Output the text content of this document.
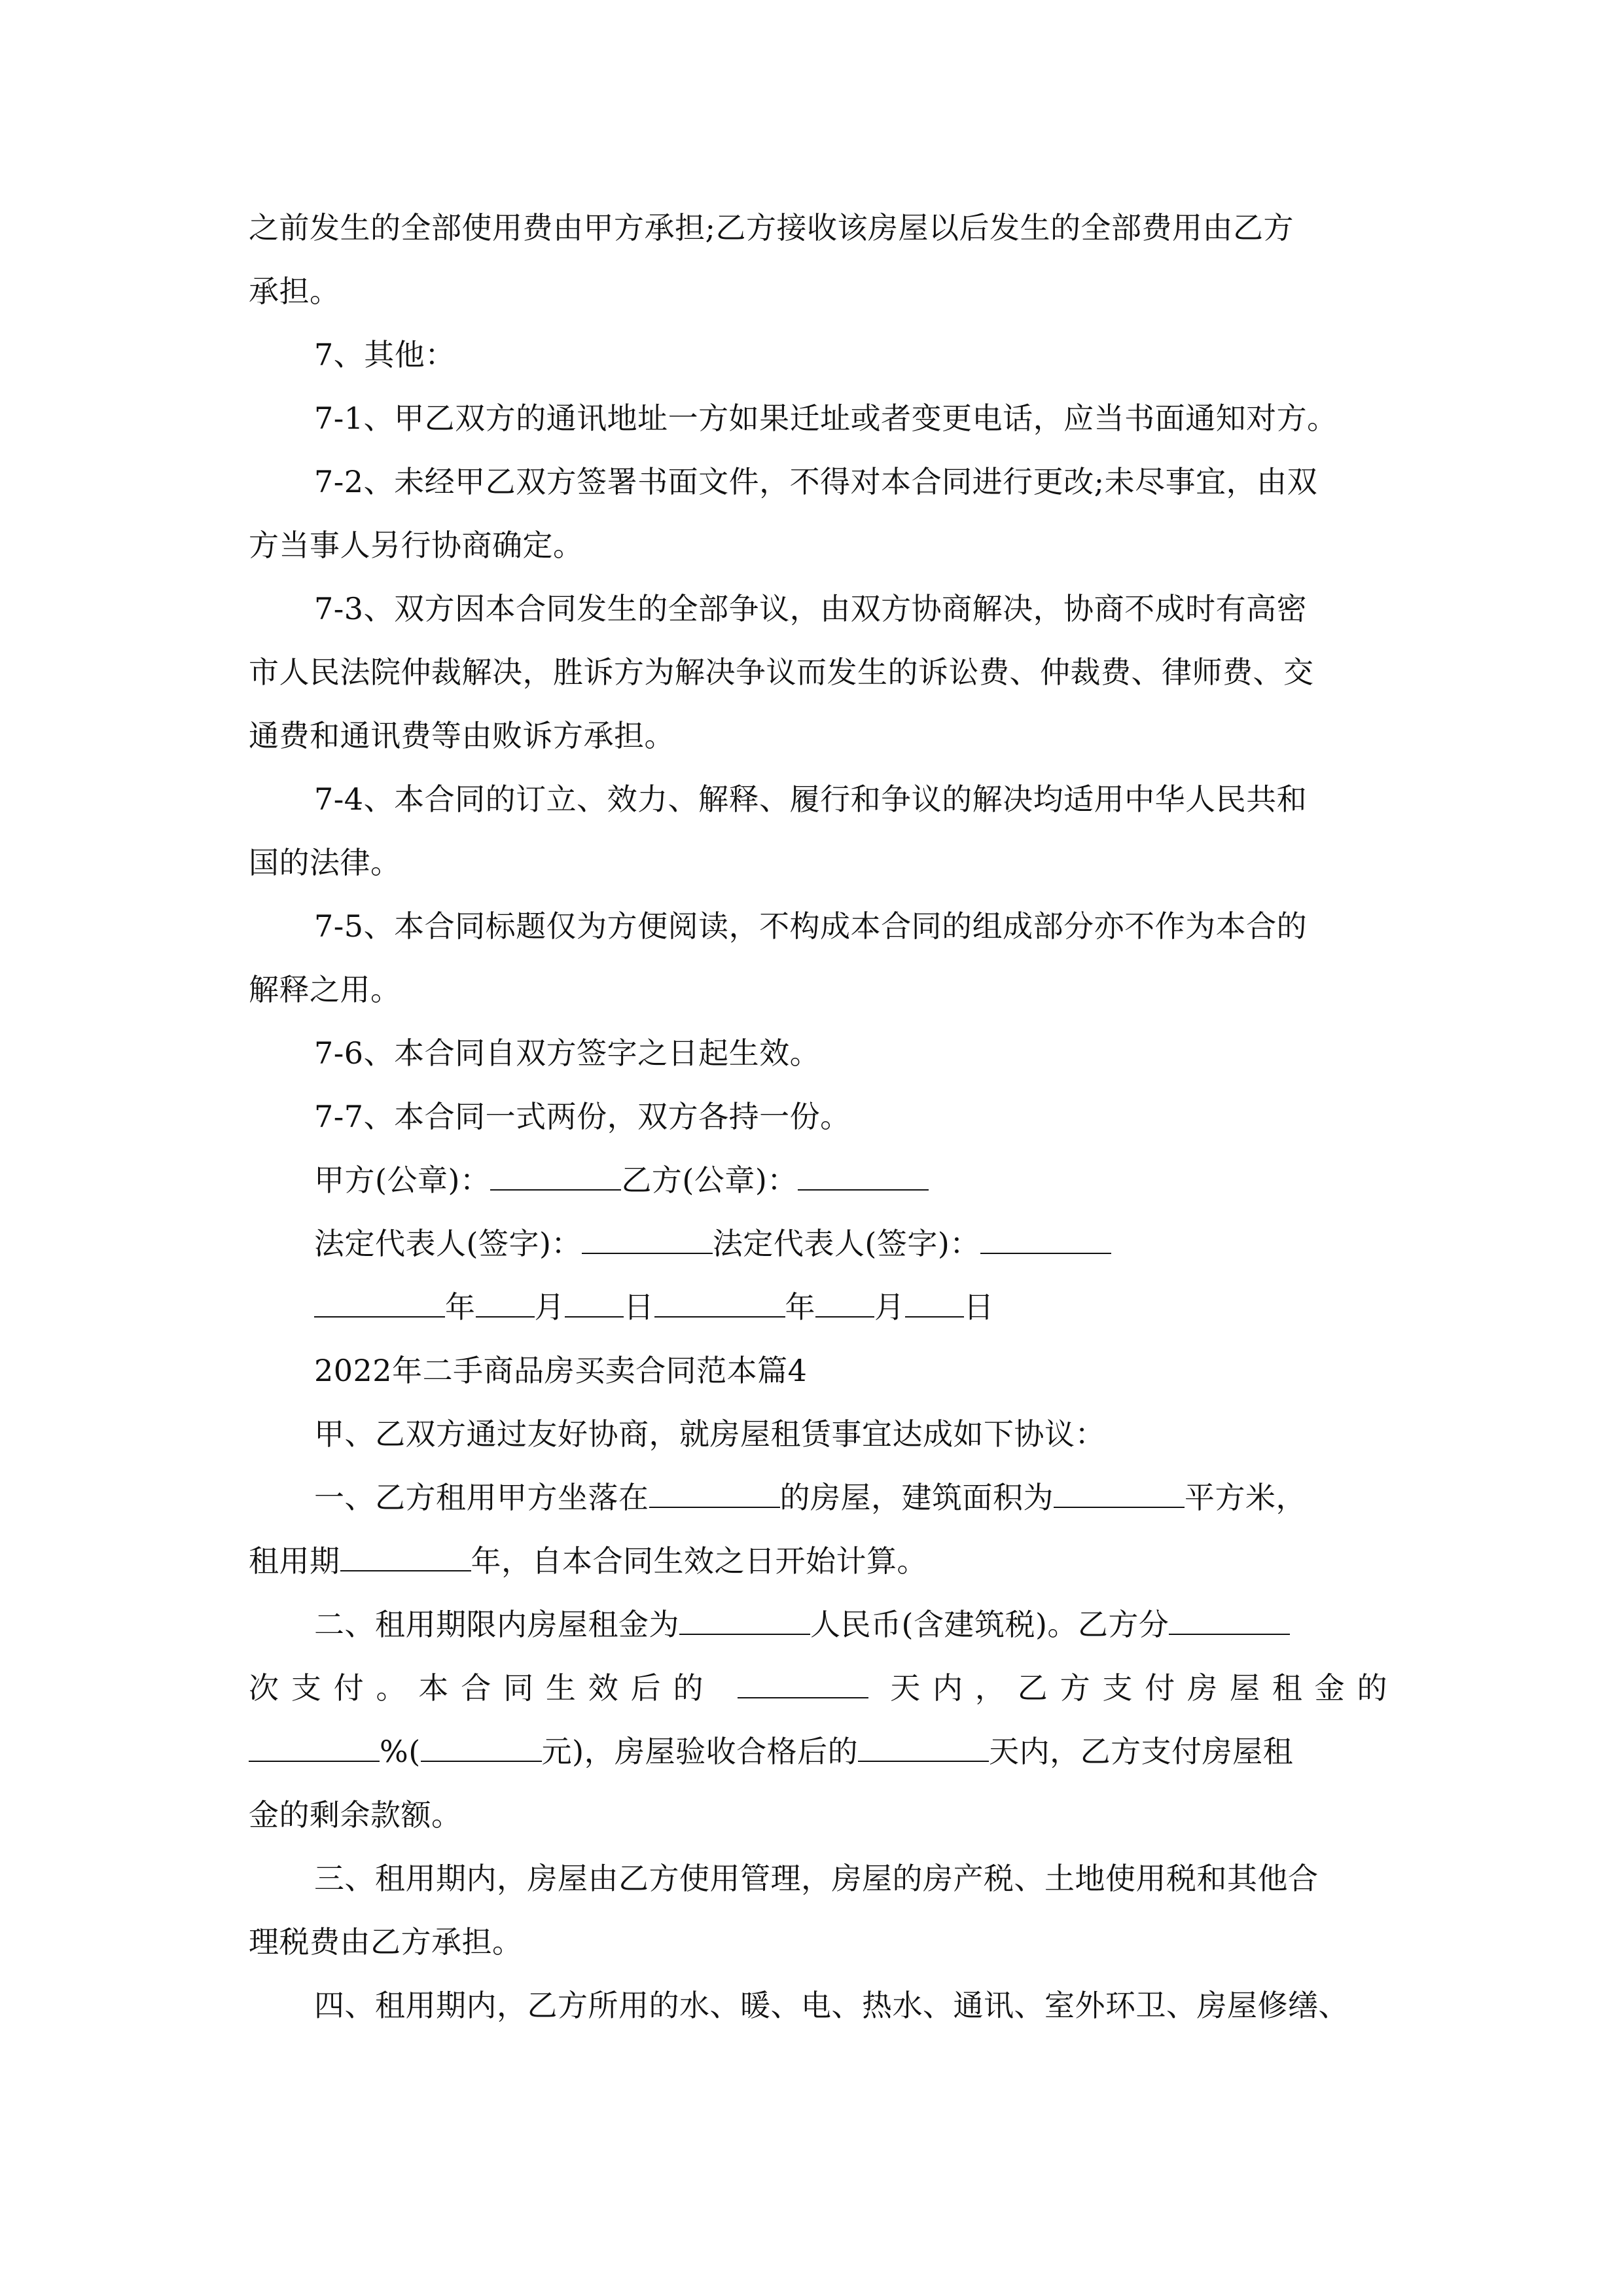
之前发生的全部使用费由甲方承担;乙方接收该房屋以后发生的全部费用由乙方
承担。
7、其他：
7-1、甲乙双方的通讯地址一方如果迁址或者变更电话，应当书面通知对方。
7-2、未经甲乙双方签署书面文件，不得对本合同进行更改;未尽事宜，由双
方当事人另行协商确定。
7-3、双方因本合同发生的全部争议，由双方协商解决，协商不成时有高密
市人民法院仲裁解决，胜诉方为解决争议而发生的诉讼费、仲裁费、律师费、交
通费和通讯费等由败诉方承担。
7-4、本合同的订立、效力、解释、履行和争议的解决均适用中华人民共和
国的法律。
7-5、本合同标题仅为方便阅读，不构成本合同的组成部分亦不作为本合的
解释之用。
7-6、本合同自双方签字之日起生效。
7-7、本合同一式两份，双方各持一份。
甲方(公章)：	乙方(公章)：
法定代表人(签字)：	法定代表人(签字)：
年 月 日	年 月 日
2022年二手商品房买卖合同范本篇4
甲、乙双方通过友好协商，就房屋租赁事宜达成如下协议：
一、乙方租用甲方坐落在	的房屋，建筑面积为	平方米，
租用期	年，自本合同生效之日开始计算。
二、租用期限内房屋租金为	人民币(含建筑税)。乙方分
次支付。本合同生效后的	天内，乙方支付房屋租金的
%(	元)，房屋验收合格后的	天内，乙方支付房屋租
金的剩余款额。
三、租用期内，房屋由乙方使用管理，房屋的房产税、土地使用税和其他合
理税费由乙方承担。
四、租用期内，乙方所用的水、暖、电、热水、通讯、室外环卫、房屋修缮、
